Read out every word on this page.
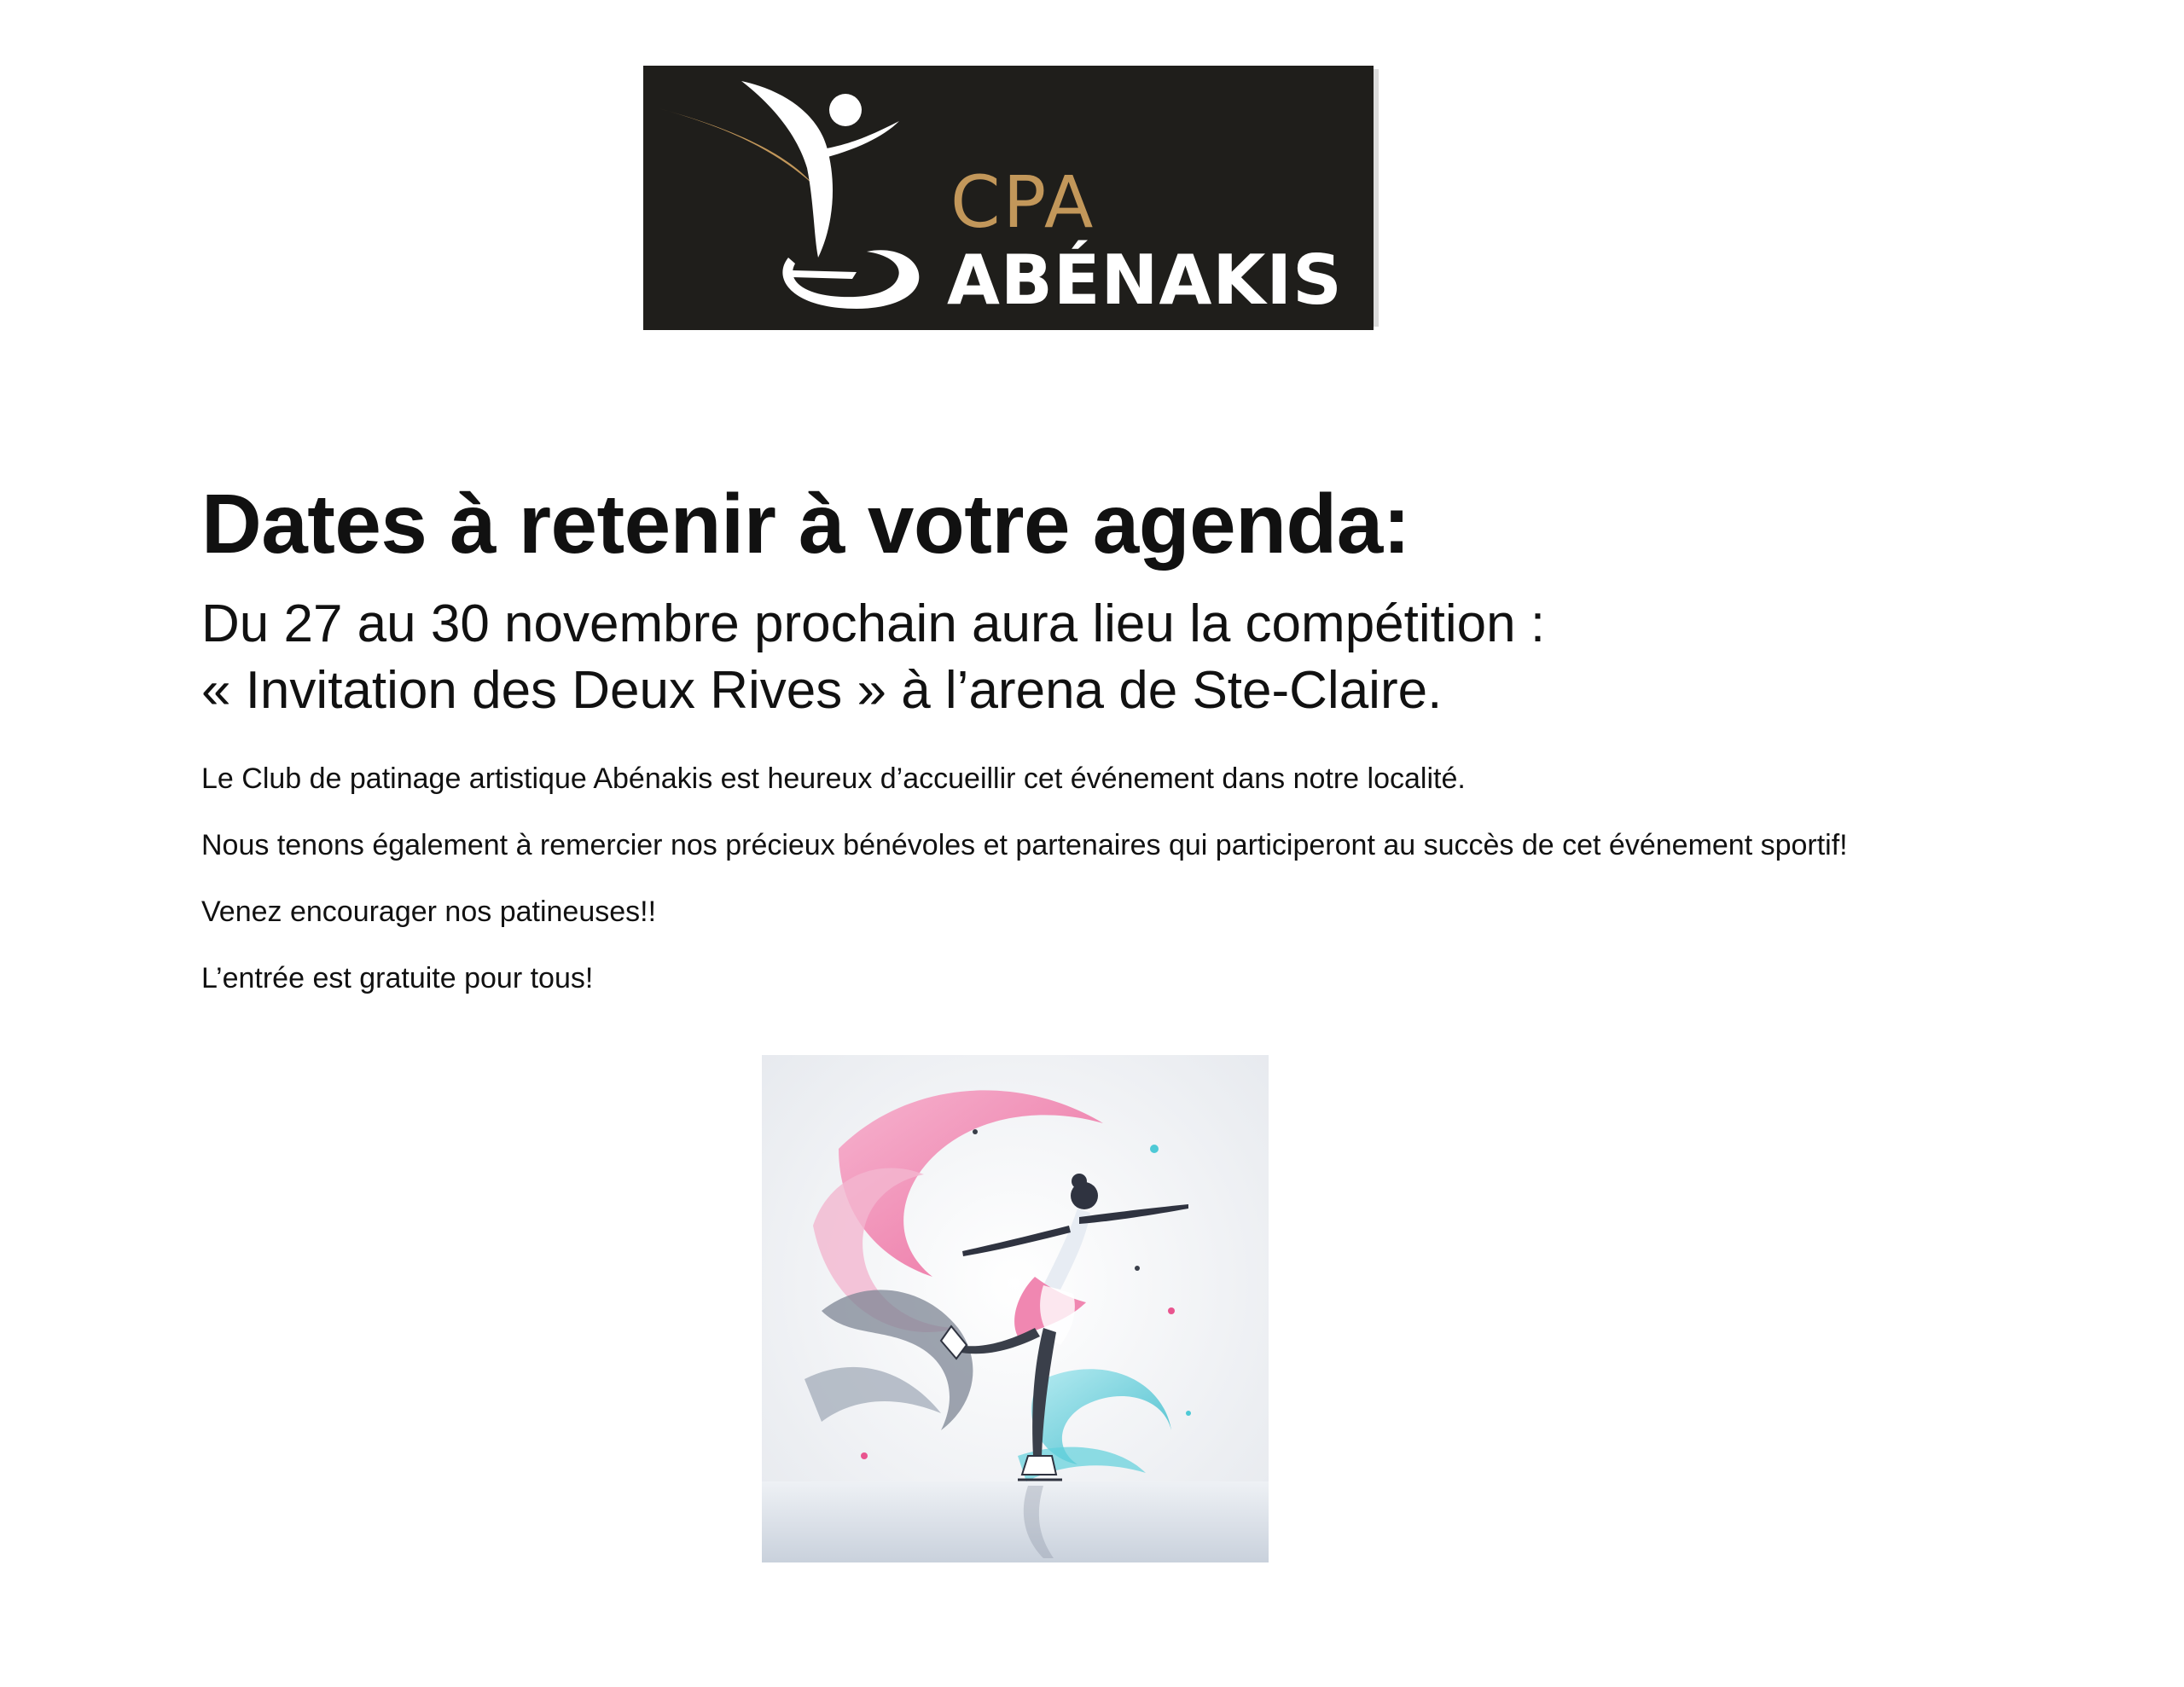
CPA
ABÉNAKIS
Dates à retenir à votre agenda:

Du 27 au 30 novembre prochain aura lieu la compétition :

« Invitation des Deux Rives » à l’arena de Ste-Claire.

Le Club de patinage artistique Abénakis est heureux d’accueillir cet événement dans notre localité.

Nous tenons également à remercier nos précieux bénévoles et partenaires qui participeront au succès de cet événement sportif!

Venez encourager nos patineuses!!

L’entrée est gratuite pour tous!
